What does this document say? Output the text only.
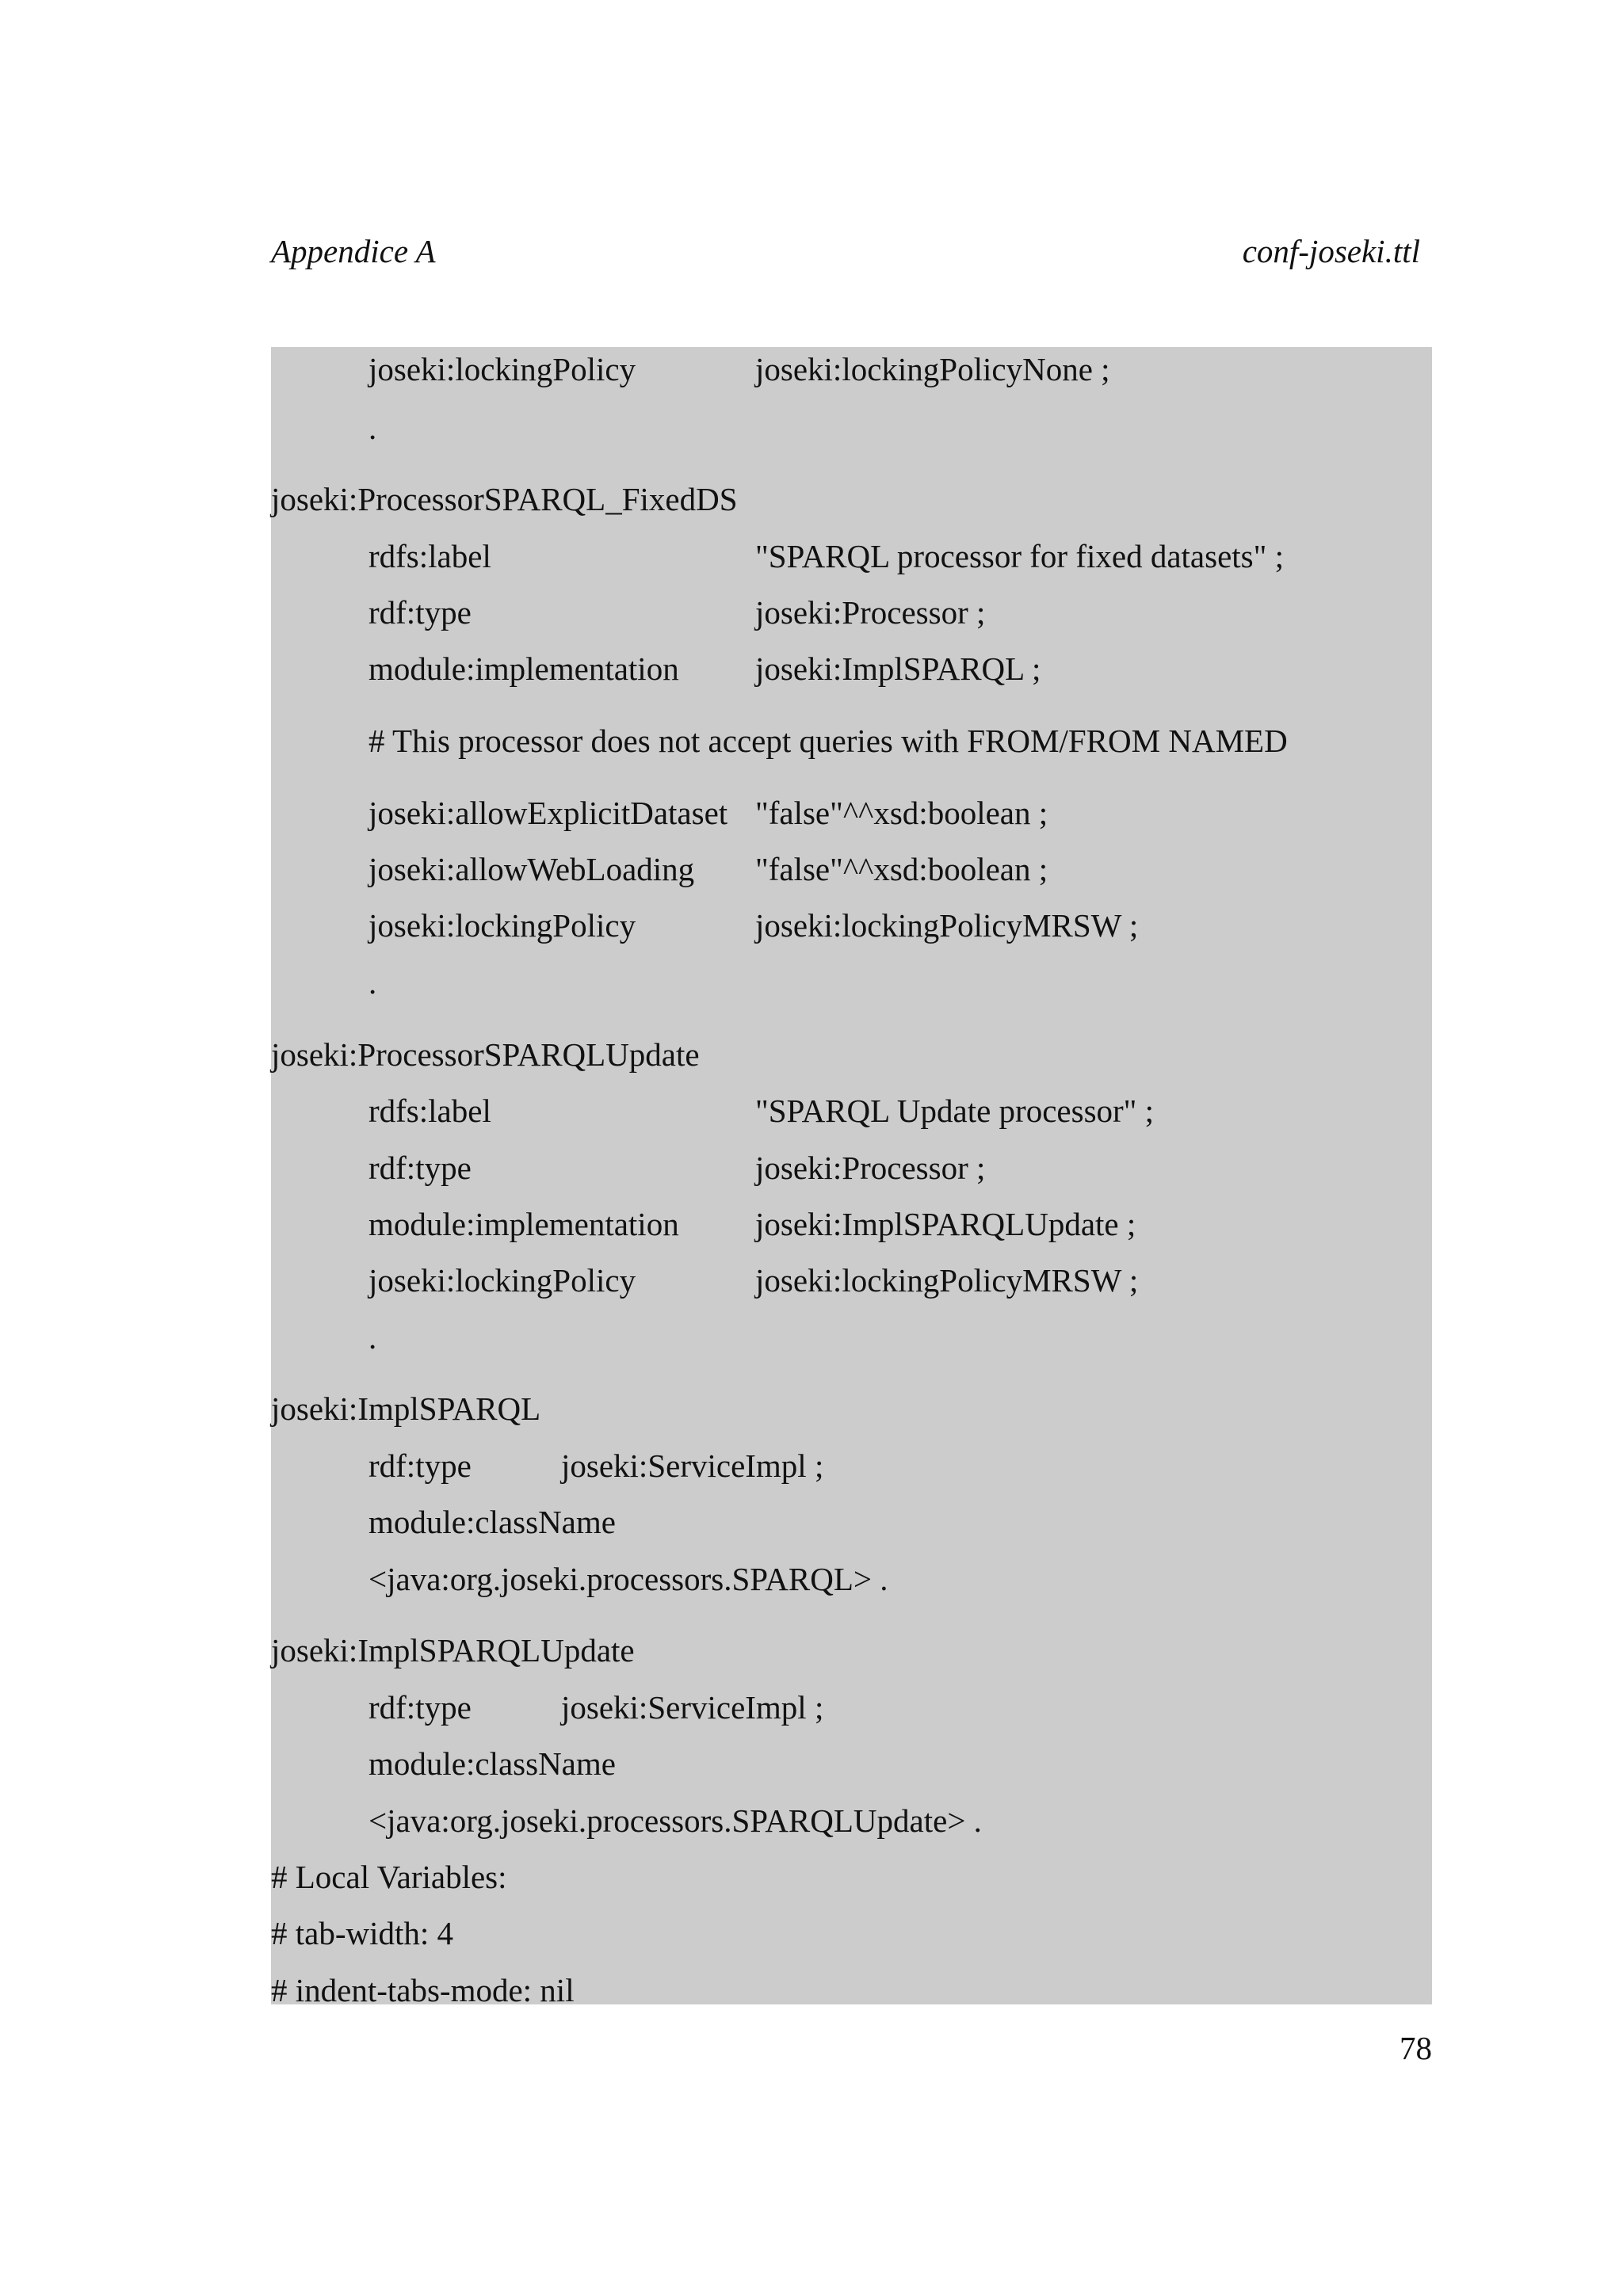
Appendice A	conf-joseki.ttl
joseki:lockingPolicy	joseki:lockingPolicyNone ;
.
joseki:ProcessorSPARQL_FixedDS
rdfs:label	"SPARQL processor for fixed datasets" ;
rdf:type	joseki:Processor ;
module:implementation joseki:ImplSPARQL ;
# This processor does not accept queries with FROM/FROM NAMED
joseki:allowExplicitDataset "false"^^xsd:boolean ;
joseki:allowWebLoading "false"^^xsd:boolean ;
joseki:lockingPolicy	joseki:lockingPolicyMRSW ;
.
joseki:ProcessorSPARQLUpdate
rdfs:label	"SPARQL Update processor" ;
rdf:type	joseki:Processor ;
module:implementation joseki:ImplSPARQLUpdate ;
joseki:lockingPolicy	joseki:lockingPolicyMRSW ;
.
joseki:ImplSPARQL
rdf:type	joseki:ServiceImpl ;
module:className
<java:org.joseki.processors.SPARQL> .
joseki:ImplSPARQLUpdate
rdf:type	joseki:ServiceImpl ;
module:className
<java:org.joseki.processors.SPARQLUpdate> .
# Local Variables:
# tab-width: 4
# indent-tabs-mode: nil
78
